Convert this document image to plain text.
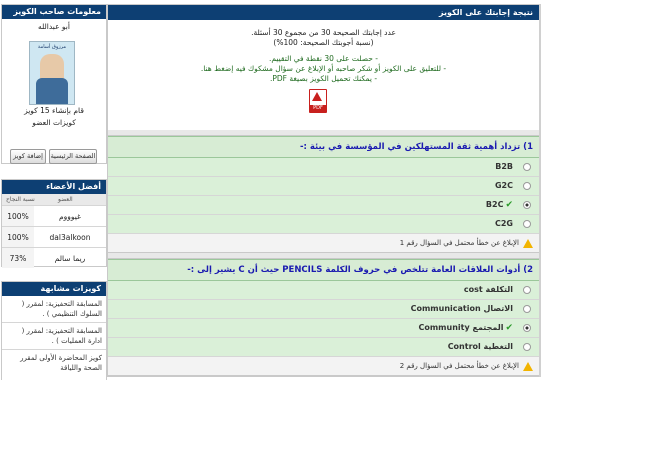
معلومات صاحب الكويز
أبو عبدالله
مرزوق أسامة
قام بإنشاء 15 كويز
كويزات العضو
الصفحة الرئيسية
إضافة كويز
أفضل الأعضاء
نسبة النجاح	العضو
100%	غيوووم
100%	dal3alkoon
73%	ريما سالم
كويزات مشابهة
المسابقة التحفيزية: لمقرر ( السلوك التنظيمي ) .
المسابقة التحفيزية: لمقرر ( ادارة العمليات ) .
كويز المحاضرة الأولى لمقرر الصحة واللياقة
نتيجة إجابتك على الكويز
عدد إجابتك الصحيحة 30 من مجموع 30 أسئلة.
(نسبة أجوبتك الصحيحة: 100%)
- حصلت على 30 نقطة في التقييم.
- للتعليق على الكويز أو شكر صاحبه أو الإبلاغ عن سؤال مشكوك فيه إضغط هنا.
- يمكنك تحميل الكويز بصيغة PDF.
PDF
1) تزداد أهمية ثقة المستهلكين في المؤسسة في بيئة :-
B2B
G2C
✔B2C
C2G
الإبلاغ عن خطأ محتمل في السؤال رقم 1
2) أدوات العلاقات العامة تتلخص في حروف الكلمة PENCILS حيث أن C يشير إلى :-
التكلفة cost
الاتصال Communication
✔المجتمع Community
التغطية Control
الإبلاغ عن خطأ محتمل في السؤال رقم 2
